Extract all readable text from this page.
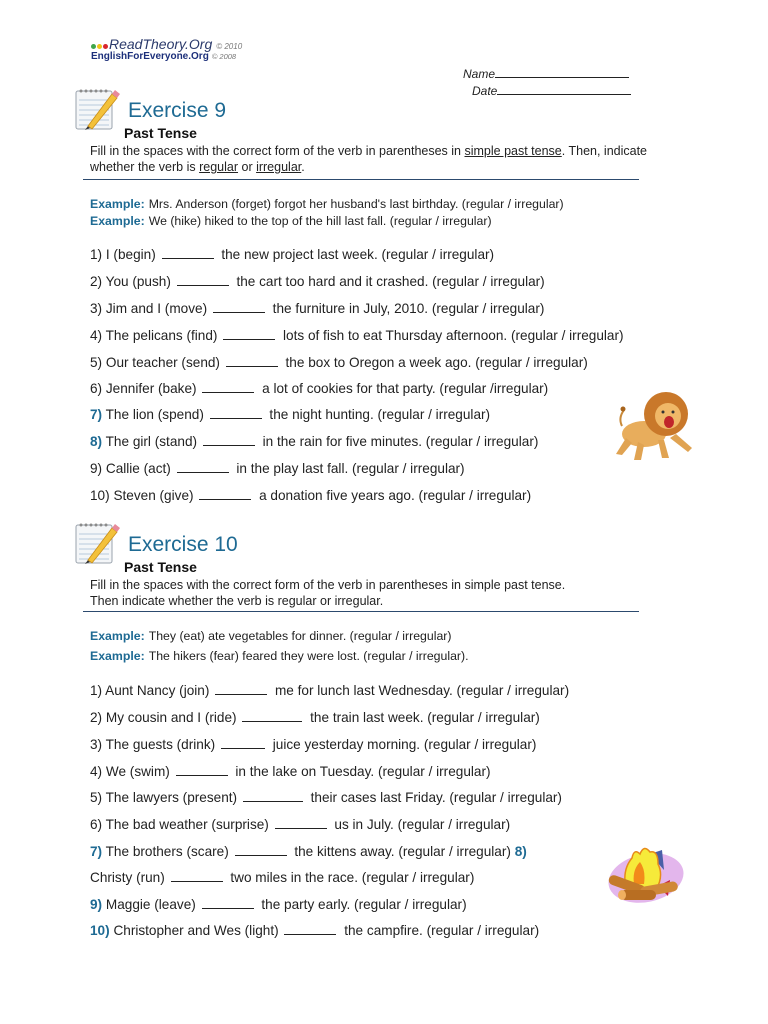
ReadTheory.Org © 2010
EnglishForEveryone.Org © 2008
Name
Date
Exercise 9
Past Tense
Fill in the spaces with the correct form of the verb in parentheses in simple past tense. Then, indicate whether the verb is regular or irregular.
Example: Mrs. Anderson (forget) forgot her husband's last birthday. (regular / irregular)
Example: We (hike) hiked to the top of the hill last fall. (regular / irregular)
1) I (begin)	the new project last week. (regular / irregular)
2) You (push)	the cart too hard and it crashed. (regular / irregular)
3) Jim and I (move)	the furniture in July, 2010. (regular / irregular)
4) The pelicans (find)	lots of fish to eat Thursday afternoon. (regular / irregular)
5) Our teacher (send)	the box to Oregon a week ago. (regular / irregular)
6) Jennifer (bake)	a lot of cookies for that party. (regular /irregular)
7) The lion (spend)	the night hunting. (regular / irregular)
8) The girl (stand)	in the rain for five minutes. (regular / irregular)
9) Callie (act)	in the play last fall. (regular / irregular)
10) Steven (give)	a donation five years ago. (regular / irregular)
Exercise 10
Past Tense
Fill in the spaces with the correct form of the verb in parentheses in simple past tense. Then indicate whether the verb is regular or irregular.
Example: They (eat) ate vegetables for dinner. (regular / irregular)
Example: The hikers (fear) feared they were lost. (regular / irregular).
1) Aunt Nancy (join)	me for lunch last Wednesday. (regular / irregular)
2) My cousin and I (ride)	the train last week. (regular / irregular)
3) The guests (drink)	juice yesterday morning. (regular / irregular)
4) We (swim)	in the lake on Tuesday. (regular / irregular)
5) The lawyers (present)	their cases last Friday. (regular / irregular)
6) The bad weather (surprise)	us in July. (regular / irregular)
7) The brothers (scare)	the kittens away. (regular / irregular) 8)
Christy (run)	two miles in the race. (regular / irregular)
9) Maggie (leave)	the party early. (regular / irregular)
10) Christopher and Wes (light)	the campfire. (regular / irregular)
